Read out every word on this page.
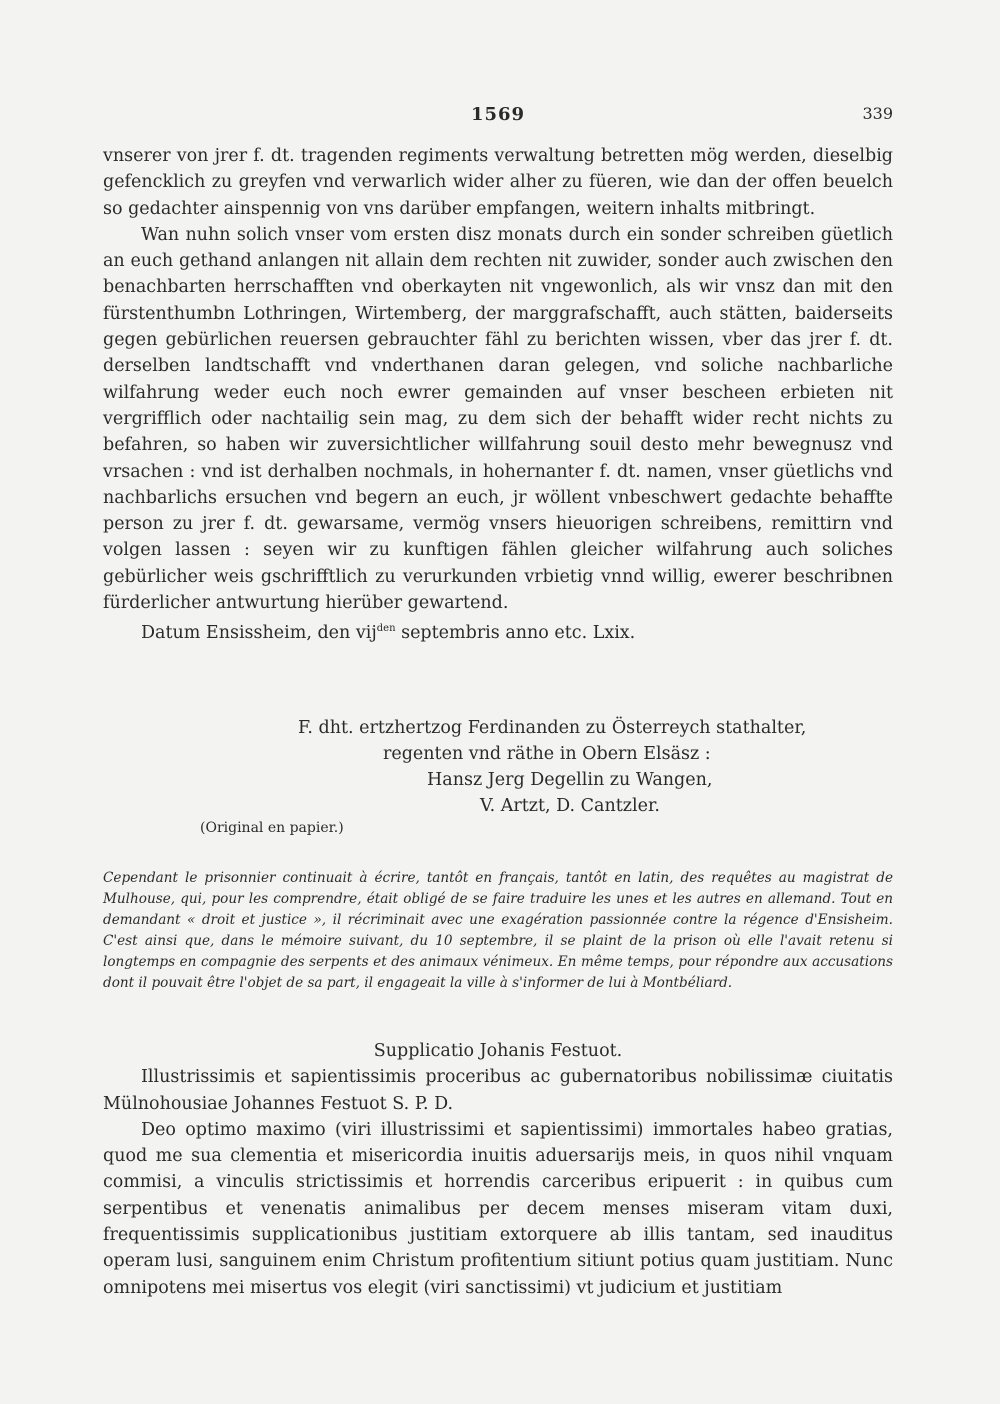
1569	339

vnserer von jrer f. dt. tragenden regiments verwaltung betretten mög werden, dieselbig gefencklich zu greyfen vnd verwarlich wider alher zu füeren, wie dan der offen beuelch so gedachter ainspennig von vns darüber empfangen, weitern inhalts mitbringt.

Wan nuhn solich vnser vom ersten disz monats durch ein sonder schreiben güetlich an euch gethand anlangen nit allain dem rechten nit zuwider, sonder auch zwischen den benachbarten herrschafften vnd oberkayten nit vngewonlich, als wir vnsz dan mit den fürstenthumbn Lothringen, Wirtemberg, der marggrafschafft, auch stätten, baiderseits gegen gebürlichen reuersen gebrauchter fähl zu berichten wissen, vber das jrer f. dt. derselben landtschafft vnd vnderthanen daran gelegen, vnd soliche nachbarliche wilfahrung weder euch noch ewrer gemainden auf vnser bescheen erbieten nit vergrifflich oder nachtailig sein mag, zu dem sich der behafft wider recht nichts zu befahren, so haben wir zuversichtlicher willfahrung souil desto mehr bewegnusz vnd vrsachen : vnd ist derhalben nochmals, in hohernanter f. dt. namen, vnser güetlichs vnd nachbarlichs ersuchen vnd begern an euch, jr wöllent vnbeschwert gedachte behaffte person zu jrer f. dt. gewarsame, vermög vnsers hieuorigen schreibens, remittirn vnd volgen lassen : seyen wir zu kunftigen fählen gleicher wilfahrung auch soliches gebürlicher weis gschrifftlich zu verurkunden vrbietig vnnd willig, ewerer beschribnen fürderlicher antwurtung hierüber gewartend.

Datum Ensissheim, den vij$^{den}$ septembris anno etc. Lxix.

F. dht. ertzhertzog Ferdinanden zu Österreych stathalter,
regenten vnd räthe in Obern Elsäsz :
Hansz Jerg Degellin zu Wangen,
V. Artzt, D. Cantzler.
(Original en papier.)
Cependant le prisonnier continuait à écrire, tantôt en français, tantôt en latin, des requêtes au magistrat de Mulhouse, qui, pour les comprendre, était obligé de se faire traduire les unes et les autres en allemand. Tout en demandant « droit et justice », il récriminait avec une exagération passionnée contre la régence d'Ensisheim. C'est ainsi que, dans le mémoire suivant, du 10 septembre, il se plaint de la prison où elle l'avait retenu si longtemps en compagnie des serpents et des animaux vénimeux. En même temps, pour répondre aux accusations dont il pouvait être l'objet de sa part, il engageait la ville à s'informer de lui à Montbéliard.

Supplicatio Johanis Festuot.

Illustrissimis et sapientissimis proceribus ac gubernatoribus nobilissimæ ciuitatis Mülnohousiae Johannes Festuot S. P. D.

Deo optimo maximo (viri illustrissimi et sapientissimi) immortales habeo gratias, quod me sua clementia et misericordia inuitis aduersarijs meis, in quos nihil vnquam commisi, a vinculis strictissimis et horrendis carceribus eripuerit : in quibus cum serpentibus et venenatis animalibus per decem menses miseram vitam duxi, frequentissimis supplicationibus justitiam extorquere ab illis tantam, sed inauditus operam lusi, sanguinem enim Christum profitentium sitiunt potius quam justitiam. Nunc omnipotens mei misertus vos elegit (viri sanctissimi) vt judicium et justitiam
